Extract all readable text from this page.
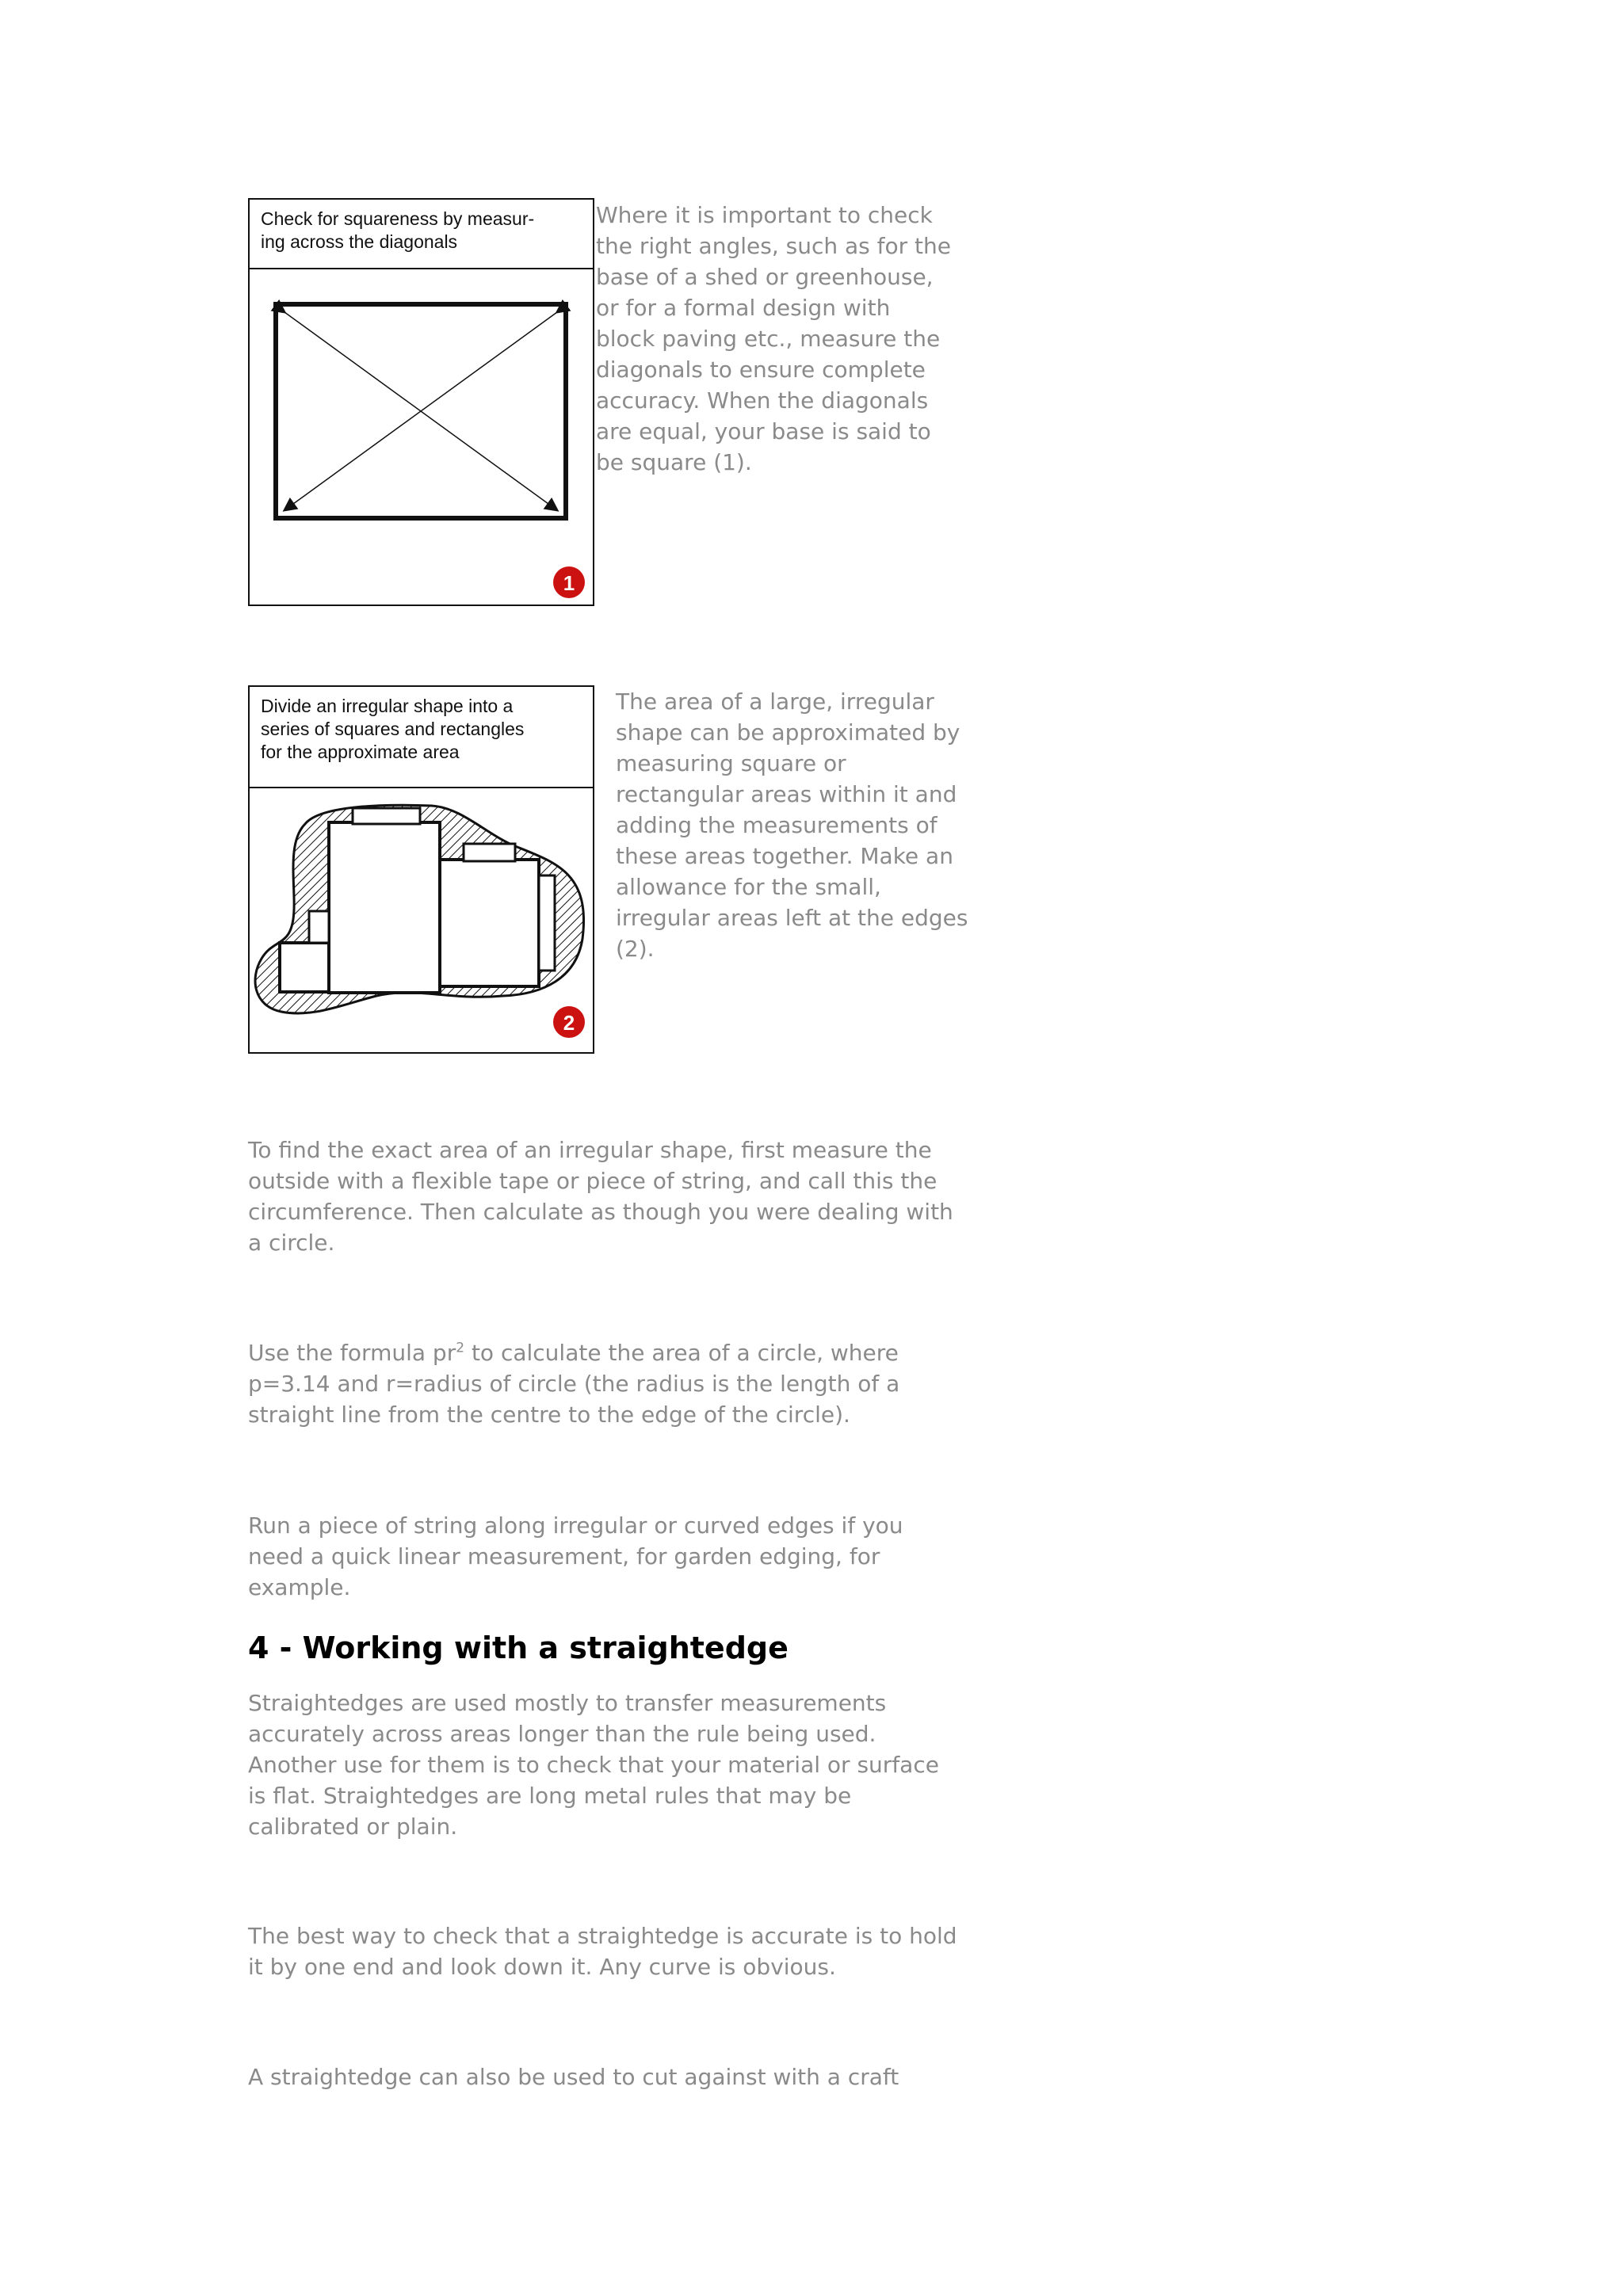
Check for squareness by measur-
ing across the diagonals
1

Where it is important to check the right angles, such as for the base of a shed or greenhouse, or for a formal design with block paving etc., measure the diagonals to ensure complete accuracy. When the diagonals are equal, your base is said to be square (1).

Divide an irregular shape into a
series of squares and rectangles
for the approximate area
2

The area of a large, irregular shape can be approximated by measuring square or rectangular areas within it and adding the measurements of these areas together. Make an allowance for the small, irregular areas left at the edges (2).

To find the exact area of an irregular shape, first measure the outside with a flexible tape or piece of string, and call this the circumference. Then calculate as though you were dealing with a circle.

Use the formula $pr^2$ to calculate the area of a circle, where p=3.14 and r=radius of circle (the radius is the length of a straight line from the centre to the edge of the circle).

Run a piece of string along irregular or curved edges if you need a quick linear measurement, for garden edging, for example.

4 - Working with a straightedge

Straightedges are used mostly to transfer measurements accurately across areas longer than the rule being used. Another use for them is to check that your material or surface is flat. Straightedges are long metal rules that may be calibrated or plain.

The best way to check that a straightedge is accurate is to hold it by one end and look down it. Any curve is obvious.

A straightedge can also be used to cut against with a craft
